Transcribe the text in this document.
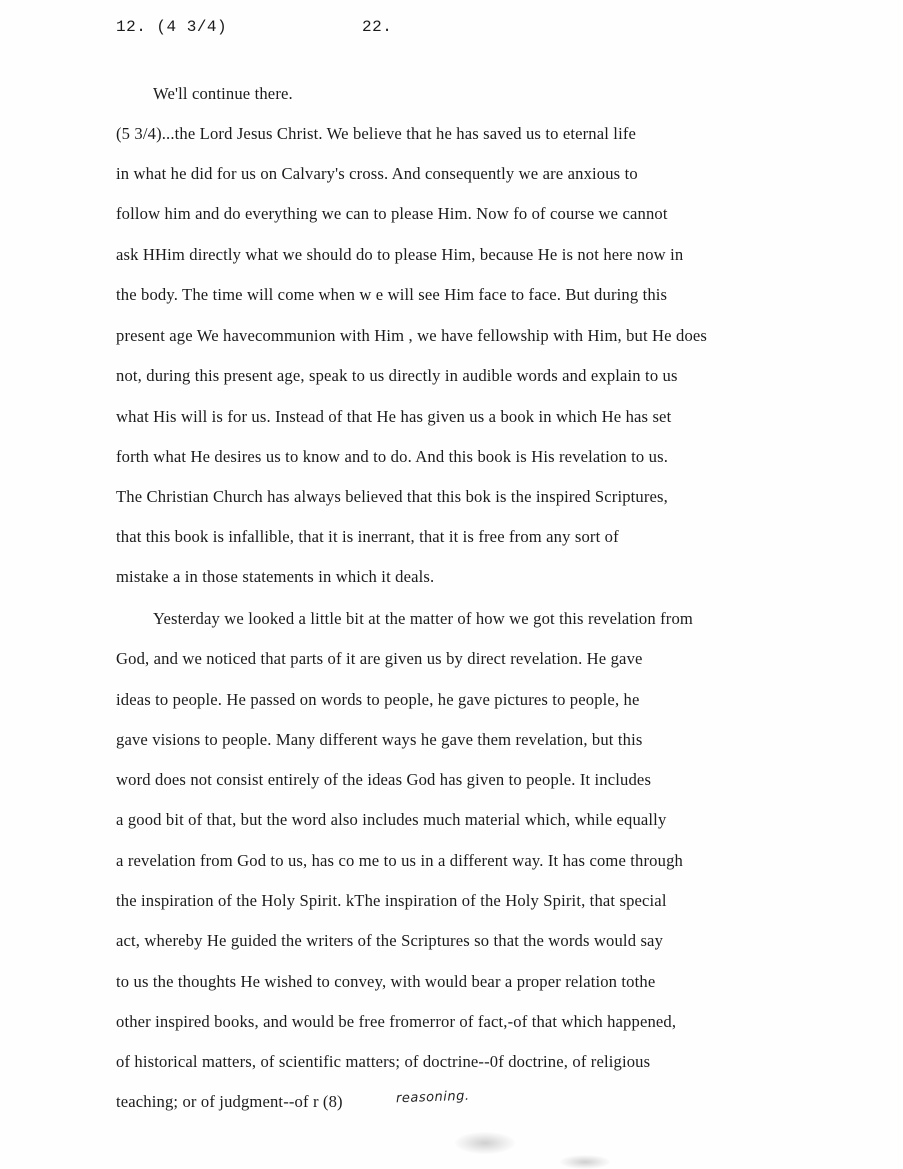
12. (4 3/4)	22.
We'll continue there.
(5 3/4)...the Lord Jesus Christ. We believe that he has saved us to eternal life
in what he did for us on Calvary's cross. And consequently we are anxious to
follow him and do everything we can to please Him. Now fo of course we cannot
ask HHim directly what we should do to please Him, because He is not here now in
the body. The time will come when w e will see Him face to face. But during this
present age We havecommunion with Him , we have fellowship with Him, but He does
not, during this present age, speak to us directly in audible words and explain to us
what His will is for us. Instead of that He has given us a book in which He has set
forth what He desires us to know and to do. And this book is His revelation to us.
The Christian Church has always believed that this bok is the inspired Scriptures,
that this book is infallible, that it is inerrant, that it is free from any sort of
mistake a in those statements in which it deals.
Yesterday we looked a little bit at the matter of how we got this revelation from
God, and we noticed that parts of it are given us by direct revelation. He gave
ideas to people. He passed on words to people, he gave pictures to people, he
gave visions to people. Many different ways he gave them revelation, but this
word does not consist entirely of the ideas God has given to people. It includes
a good bit of that, but the word also includes much material which, while equally
a revelation from God to us, has co me to us in a different way. It has come through
the inspiration of the Holy Spirit. kThe inspiration of the Holy Spirit, that special
act, whereby He guided the writers of the Scriptures so that the words would say
to us the thoughts He wished to convey, with would bear a proper relation tothe
other inspired books, and would be free fromerror of fact,-of that which happened,
of historical matters, of scientific matters; of doctrine--0f doctrine, of religious
teaching; or of judgment--of r (8)	reasoning.
